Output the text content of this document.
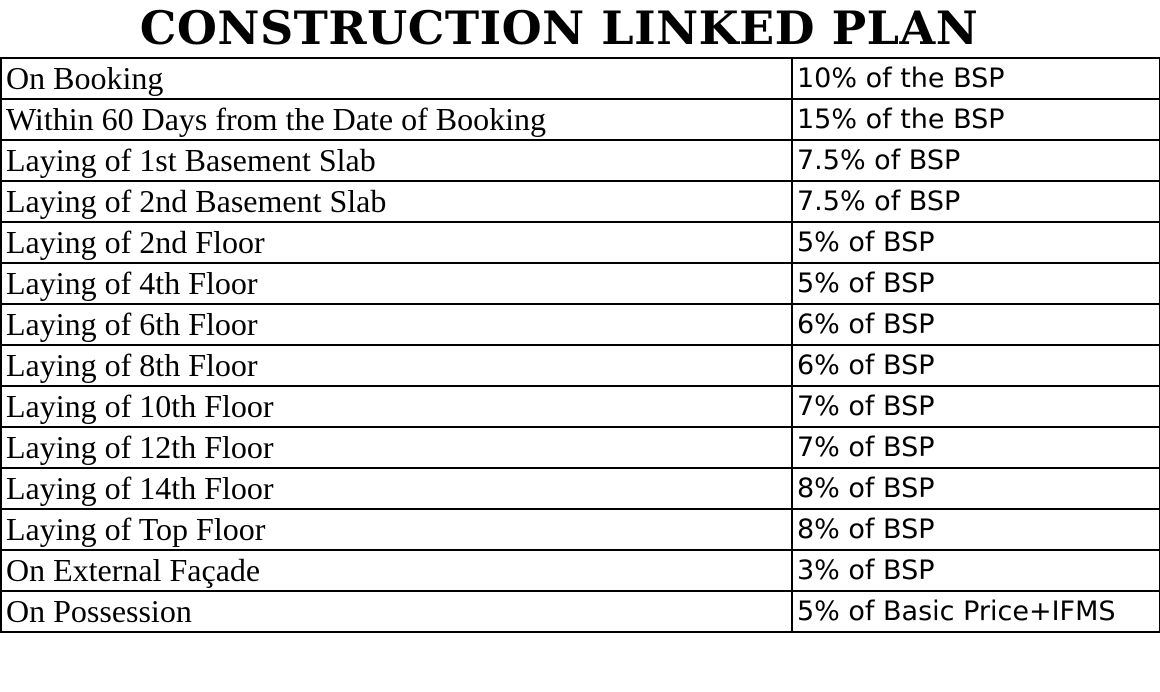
CONSTRUCTION LINKED PLAN
On Booking	10% of the BSP
Within 60 Days from the Date of Booking	15% of the BSP
Laying of 1st Basement Slab	7.5% of BSP
Laying of 2nd Basement Slab	7.5% of BSP
Laying of 2nd Floor	5% of BSP
Laying of 4th Floor	5% of BSP
Laying of 6th Floor	6% of BSP
Laying of 8th Floor	6% of BSP
Laying of 10th Floor	7% of BSP
Laying of 12th Floor	7% of BSP
Laying of 14th Floor	8% of BSP
Laying of Top Floor	8% of BSP
On External Façade	3% of BSP
On Possession	5% of Basic Price+IFMS
